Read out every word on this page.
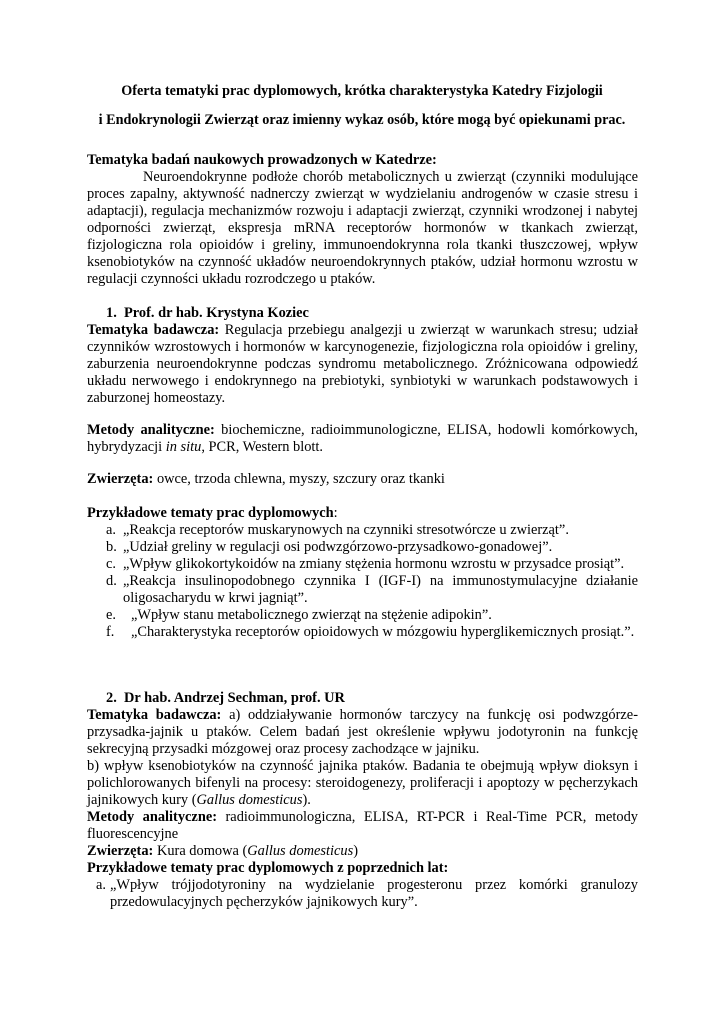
Oferta tematyki prac dyplomowych, krótka charakterystyka Katedry Fizjologii
i Endokrynologii Zwierząt oraz imienny wykaz osób, które mogą być opiekunami prac.
Tematyka badań naukowych prowadzonych w Katedrze:
Neuroendokrynne podłoże chorób metabolicznych u zwierząt (czynniki modulujące proces zapalny, aktywność nadnerczy zwierząt w wydzielaniu androgenów w czasie stresu i adaptacji), regulacja mechanizmów rozwoju i adaptacji zwierząt, czynniki wrodzonej i nabytej odporności zwierząt, ekspresja mRNA receptorów hormonów w tkankach zwierząt, fizjologiczna rola opioidów i greliny, immunoendokrynna rola tkanki tłuszczowej, wpływ ksenobiotyków na czynność układów neuroendokrynnych ptaków, udział hormonu wzrostu w regulacji czynności układu rozrodczego u ptaków.
1. Prof. dr hab. Krystyna Koziec
Tematyka badawcza: Regulacja przebiegu analgezji u zwierząt w warunkach stresu; udział czynników wzrostowych i hormonów w karcynogenezie, fizjologiczna rola opioidów i greliny, zaburzenia neuroendokrynne podczas syndromu metabolicznego. Zróżnicowana odpowiedź układu nerwowego i endokrynnego na prebiotyki, synbiotyki w warunkach podstawowych i zaburzonej homeostazy.
Metody analityczne: biochemiczne, radioimmunologiczne, ELISA, hodowli komórkowych, hybrydyzacji in situ, PCR, Western blott.
Zwierzęta: owce, trzoda chlewna, myszy, szczury oraz tkanki
Przykładowe tematy prac dyplomowych:
a. „Reakcja receptorów muskarynowych na czynniki stresotwórcze u zwierząt”.
b. „Udział greliny w regulacji osi podwzgórzowo-przysadkowo-gonadowej”.
c. „Wpływ glikokortykoidów na zmiany stężenia hormonu wzrostu w przysadce prosiąt”.
d. „Reakcja insulinopodobnego czynnika I (IGF-I) na immunostymulacyjne działanie oligosacharydu w krwi jagniąt”.
e. „Wpływ stanu metabolicznego zwierząt na stężenie adipokin”.
f. „Charakterystyka receptorów opioidowych w mózgowiu hyperglikemicznych prosiąt.”.
2. Dr hab. Andrzej Sechman, prof. UR
Tematyka badawcza: a) oddziaływanie hormonów tarczycy na funkcję osi podwzgórze-przysadka-jajnik u ptaków. Celem badań jest określenie wpływu jodotyronin na funkcję sekrecyjną przysadki mózgowej oraz procesy zachodzące w jajniku.
b) wpływ ksenobiotyków na czynność jajnika ptaków. Badania te obejmują wpływ dioksyn i polichlorowanych bifenyli na procesy: steroidogenezy, proliferacji i apoptozy w pęcherzykach jajnikowych kury (Gallus domesticus).
Metody analityczne: radioimmunologiczna, ELISA, RT-PCR i Real-Time PCR, metody fluorescencyjne
Zwierzęta: Kura domowa (Gallus domesticus)
Przykładowe tematy prac dyplomowych z poprzednich lat:
a. „Wpływ trójjodotyroniny na wydzielanie progesteronu przez komórki granulozy przedowulacyjnych pęcherzyków jajnikowych kury”.
